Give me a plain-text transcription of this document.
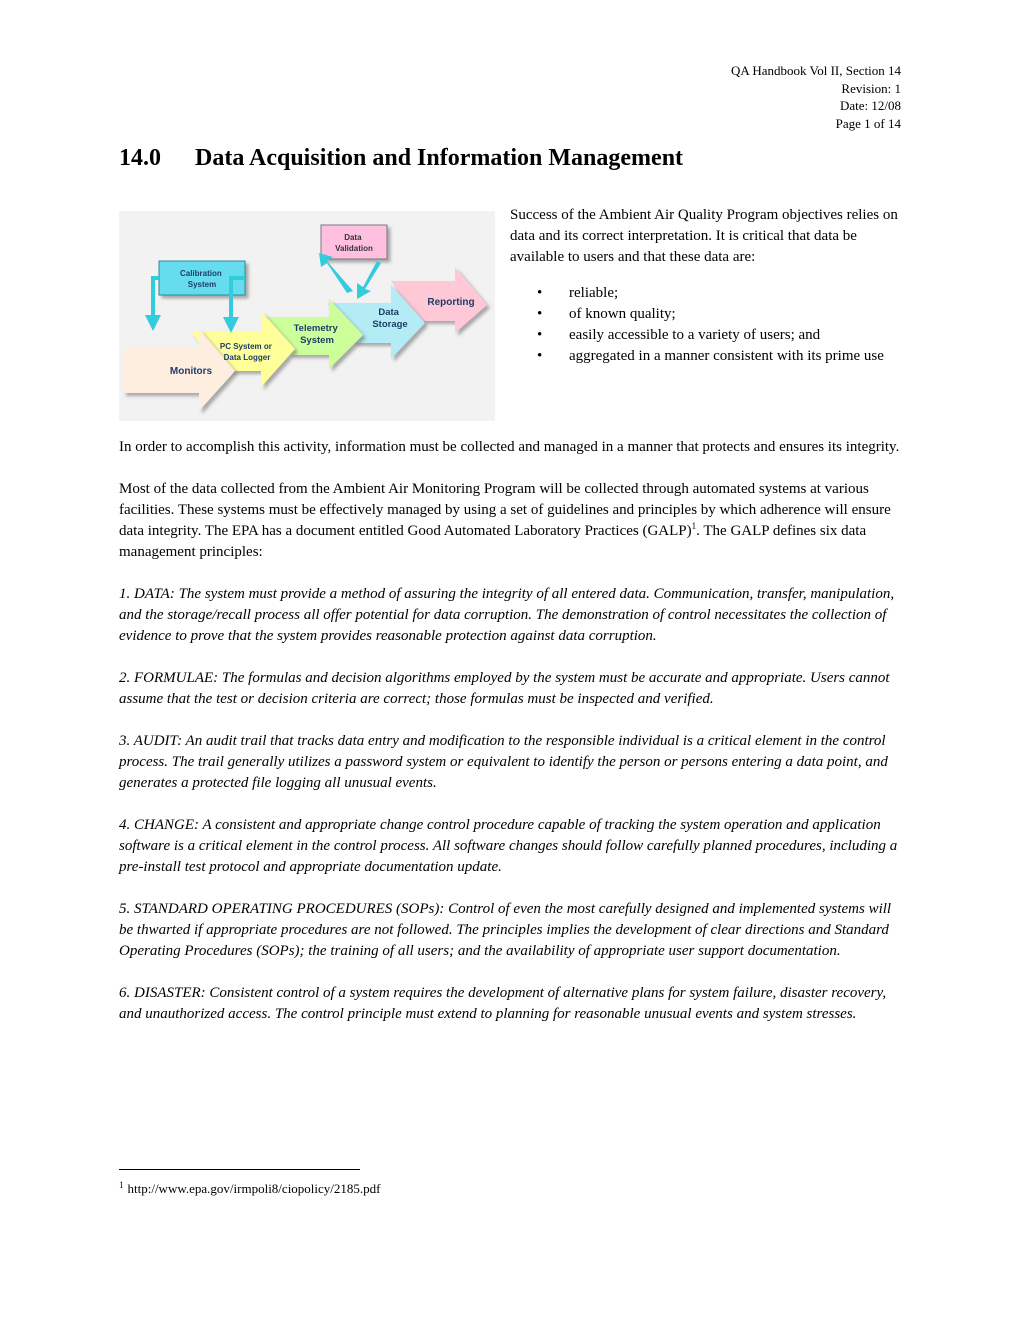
QA Handbook Vol II, Section 14
Revision: 1
Date: 12/08
Page 1 of 14
14.0 Data Acquisition and Information Management
Data Validation
Calibration System
Monitors
PC System or Data Logger
Telemetry System
Data Storage
Reporting

Success of the Ambient Air Quality Program objectives relies on data and its correct interpretation. It is critical that data be available to users and that these data are:

• reliable;
• of known quality;
• easily accessible to a variety of users; and
• aggregated in a manner consistent with its prime use

In order to accomplish this activity, information must be collected and managed in a manner that protects and ensures its integrity.

Most of the data collected from the Ambient Air Monitoring Program will be collected through automated systems at various facilities. These systems must be effectively managed by using a set of guidelines and principles by which adherence will ensure data integrity. The EPA has a document entitled Good Automated Laboratory Practices (GALP)$^1$. The GALP defines six data management principles:

1. DATA: The system must provide a method of assuring the integrity of all entered data. Communication, transfer, manipulation, and the storage/recall process all offer potential for data corruption. The demonstration of control necessitates the collection of evidence to prove that the system provides reasonable protection against data corruption.

2. FORMULAE: The formulas and decision algorithms employed by the system must be accurate and appropriate. Users cannot assume that the test or decision criteria are correct; those formulas must be inspected and verified.

3. AUDIT: An audit trail that tracks data entry and modification to the responsible individual is a critical element in the control process. The trail generally utilizes a password system or equivalent to identify the person or persons entering a data point, and generates a protected file logging all unusual events.

4. CHANGE: A consistent and appropriate change control procedure capable of tracking the system operation and application software is a critical element in the control process. All software changes should follow carefully planned procedures, including a pre-install test protocol and appropriate documentation update.

5. STANDARD OPERATING PROCEDURES (SOPs): Control of even the most carefully designed and implemented systems will be thwarted if appropriate procedures are not followed. The principles implies the development of clear directions and Standard Operating Procedures (SOPs); the training of all users; and the availability of appropriate user support documentation.

6. DISASTER: Consistent control of a system requires the development of alternative plans for system failure, disaster recovery, and unauthorized access. The control principle must extend to planning for reasonable unusual events and system stresses.

$^1$ http://www.epa.gov/irmpoli8/ciopolicy/2185.pdf
